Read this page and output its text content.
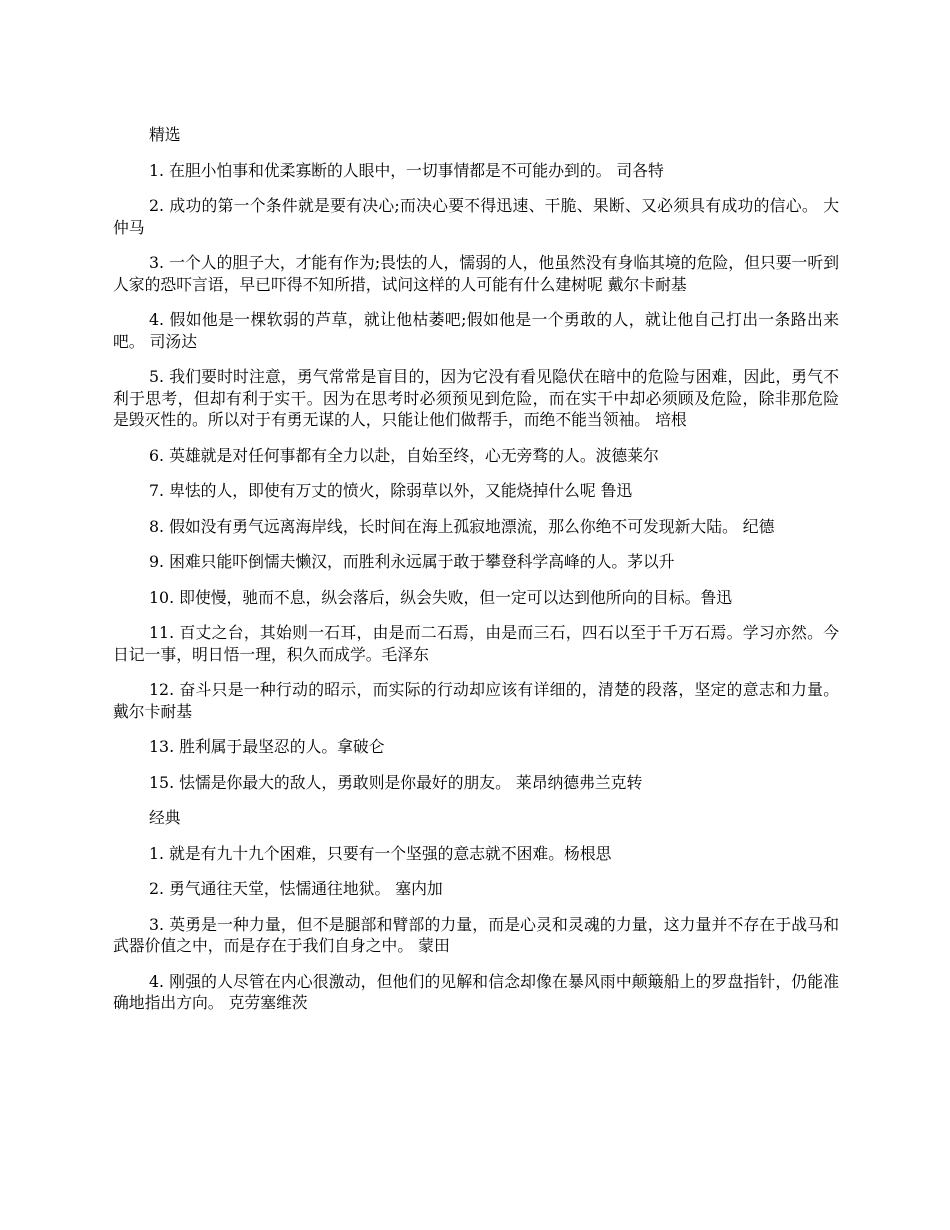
精选
1. 在胆小怕事和优柔寡断的人眼中，一切事情都是不可能办到的。 司各特
2. 成功的第一个条件就是要有决心;而决心要不得迅速、干脆、果断、又必须具有成功的信心。 大仲马
3. 一个人的胆子大，才能有作为;畏怯的人，懦弱的人，他虽然没有身临其境的危险，但只要一听到人家的恐吓言语，早已吓得不知所措，试问这样的人可能有什么建树呢 戴尔卡耐基
4. 假如他是一棵软弱的芦草，就让他枯萎吧;假如他是一个勇敢的人，就让他自己打出一条路出来吧。 司汤达
5. 我们要时时注意，勇气常常是盲目的，因为它没有看见隐伏在暗中的危险与困难，因此，勇气不利于思考，但却有利于实干。因为在思考时必须预见到危险，而在实干中却必须顾及危险，除非那危险是毁灭性的。所以对于有勇无谋的人，只能让他们做帮手，而绝不能当领袖。 培根
6. 英雄就是对任何事都有全力以赴，自始至终，心无旁骛的人。波德莱尔
7. 卑怯的人，即使有万丈的愤火，除弱草以外，又能烧掉什么呢 鲁迅
8. 假如没有勇气远离海岸线，长时间在海上孤寂地漂流，那么你绝不可发现新大陆。 纪德
9. 困难只能吓倒懦夫懒汉，而胜利永远属于敢于攀登科学高峰的人。茅以升
10. 即使慢，驰而不息，纵会落后，纵会失败，但一定可以达到他所向的目标。鲁迅
11. 百丈之台，其始则一石耳，由是而二石焉，由是而三石，四石以至于千万石焉。学习亦然。今日记一事，明日悟一理，积久而成学。毛泽东
12. 奋斗只是一种行动的昭示，而实际的行动却应该有详细的，清楚的段落，坚定的意志和力量。戴尔卡耐基
13. 胜利属于最坚忍的人。拿破仑
15. 怯懦是你最大的敌人，勇敢则是你最好的朋友。 莱昂纳德弗兰克转
经典
1. 就是有九十九个困难，只要有一个坚强的意志就不困难。杨根思
2. 勇气通往天堂，怯懦通往地狱。 塞内加
3. 英勇是一种力量，但不是腿部和臂部的力量，而是心灵和灵魂的力量，这力量并不存在于战马和武器价值之中，而是存在于我们自身之中。 蒙田
4. 刚强的人尽管在内心很激动，但他们的见解和信念却像在暴风雨中颠簸船上的罗盘指针，仍能准确地指出方向。 克劳塞维茨
